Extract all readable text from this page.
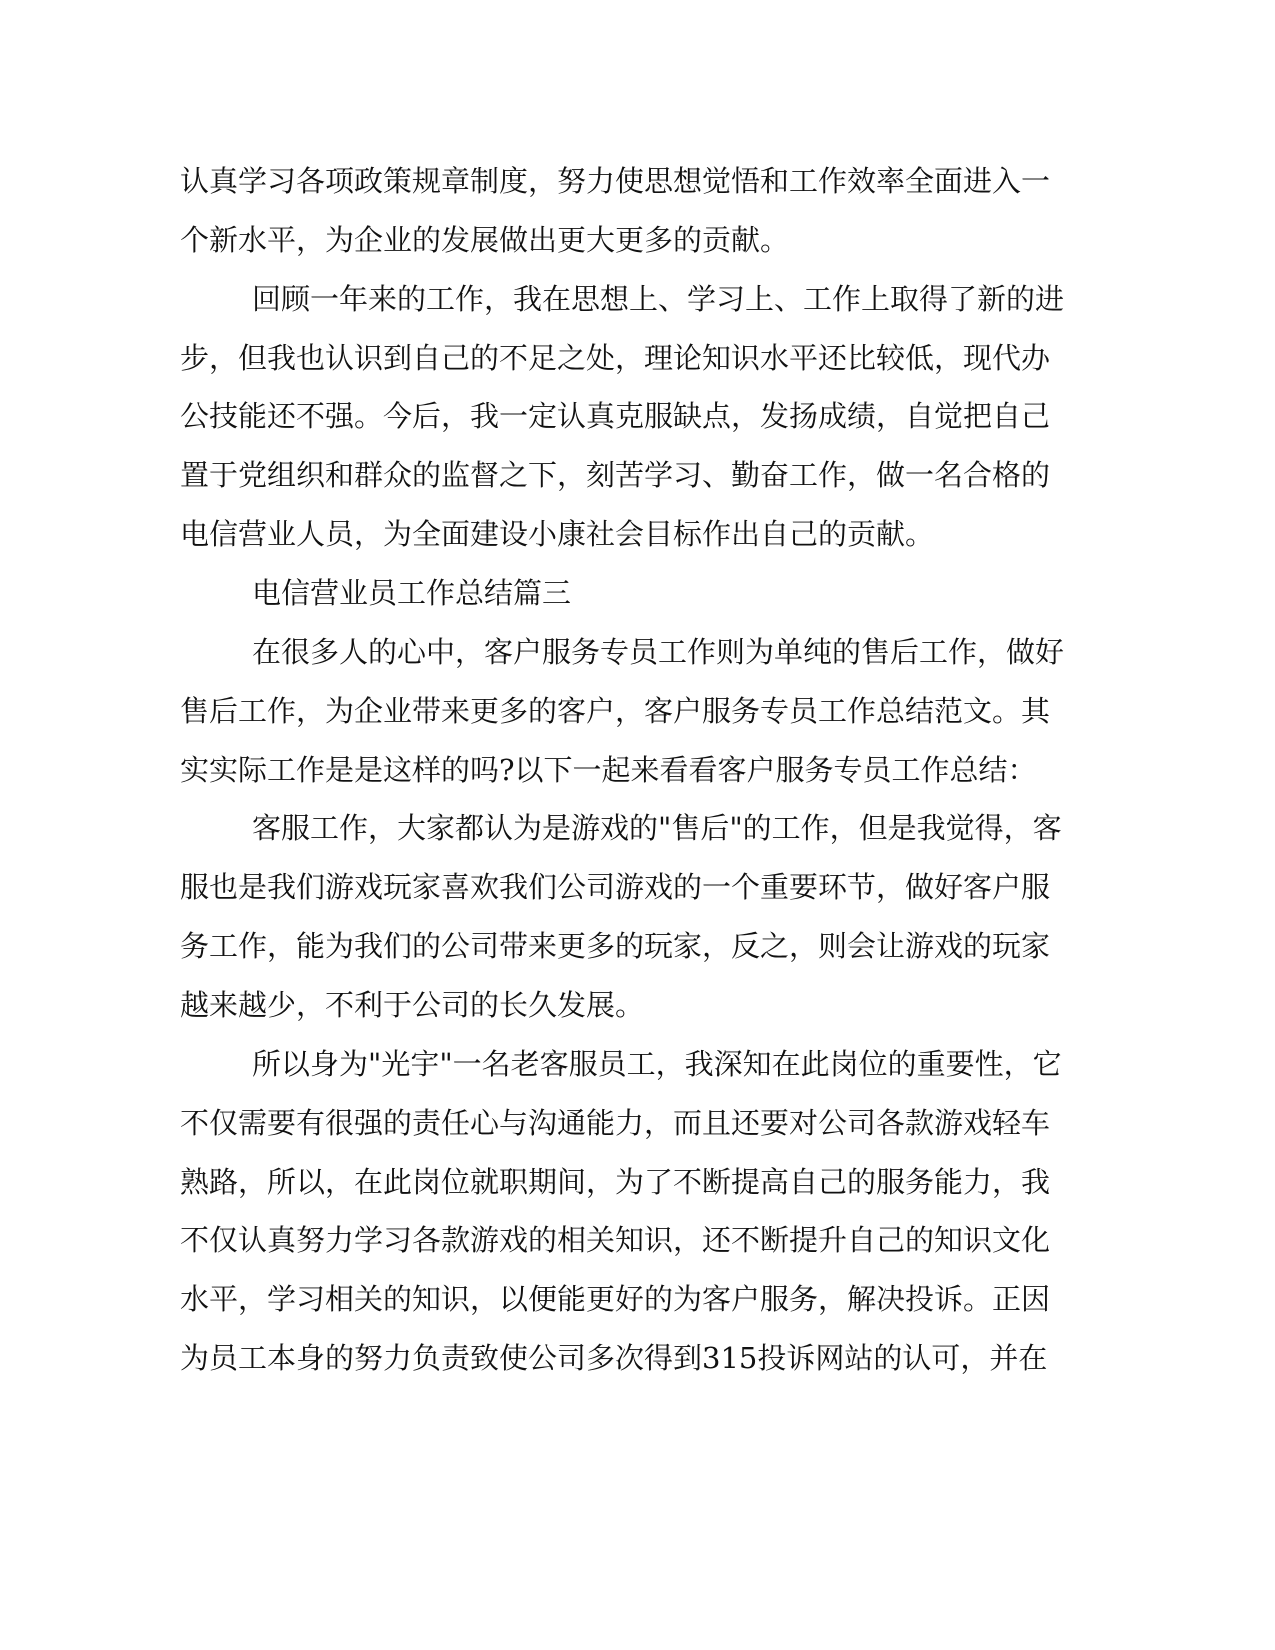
认真学习各项政策规章制度，努力使思想觉悟和工作效率全面进入一
个新水平，为企业的发展做出更大更多的贡献。
回顾一年来的工作，我在思想上、学习上、工作上取得了新的进
步，但我也认识到自己的不足之处，理论知识水平还比较低，现代办
公技能还不强。今后，我一定认真克服缺点，发扬成绩，自觉把自己
置于党组织和群众的监督之下，刻苦学习、勤奋工作，做一名合格的
电信营业人员，为全面建设小康社会目标作出自己的贡献。
电信营业员工作总结篇三
在很多人的心中，客户服务专员工作则为单纯的售后工作，做好
售后工作，为企业带来更多的客户，客户服务专员工作总结范文。其
实实际工作是是这样的吗?以下一起来看看客户服务专员工作总结：
客服工作，大家都认为是游戏的"售后"的工作，但是我觉得，客
服也是我们游戏玩家喜欢我们公司游戏的一个重要环节，做好客户服
务工作，能为我们的公司带来更多的玩家，反之，则会让游戏的玩家
越来越少，不利于公司的长久发展。
所以身为"光宇"一名老客服员工，我深知在此岗位的重要性，它
不仅需要有很强的责任心与沟通能力，而且还要对公司各款游戏轻车
熟路，所以，在此岗位就职期间，为了不断提高自己的服务能力，我
不仅认真努力学习各款游戏的相关知识，还不断提升自己的知识文化
水平，学习相关的知识，以便能更好的为客户服务，解决投诉。正因
为员工本身的努力负责致使公司多次得到315投诉网站的认可，并在
